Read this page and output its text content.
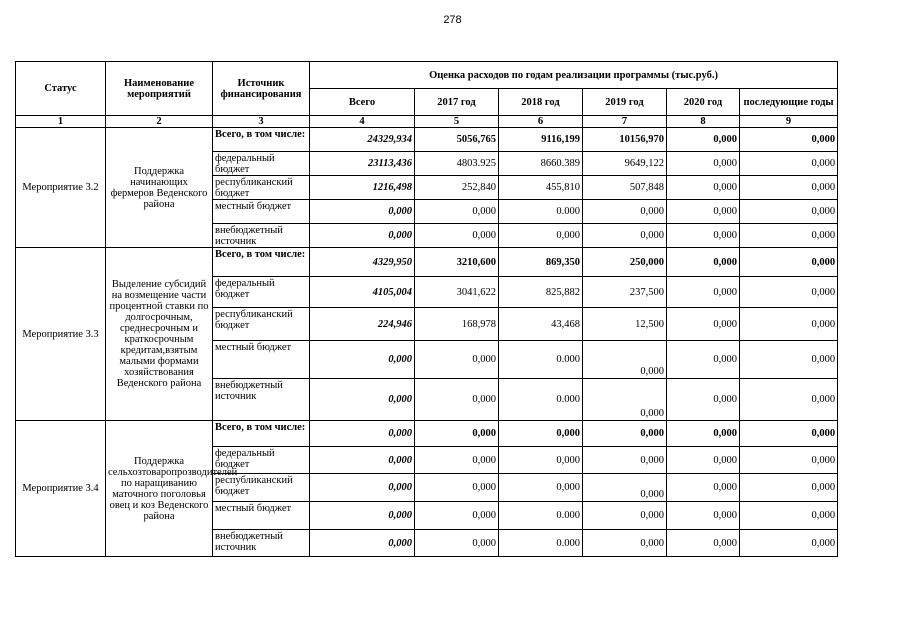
278
Статус	Наименование мероприятий	Источник финансирования	Оценка расходов по годам реализации программы (тыс.руб.)					
			Всего	2017 год	2018 год	2019 год	2020 год	последующие годы
1	2	3	4	5	6	7	8	9
Мероприятие 3.2	Поддержка начинающих фермеров Веденского района	Всего, в том числе:	24329,934	5056,765	9116,199	10156,970	0,000	0,000
		федеральный бюджет	23113,436	4803.925	8660.389	9649,122	0,000	0,000
		республиканский бюджет	1216,498	252,840	455,810	507,848	0,000	0,000
		местный бюджет	0,000	0,000	0.000	0,000	0,000	0,000
		внебюджетный источник	0,000	0,000	0,000	0,000	0,000	0,000
Мероприятие 3.3	Выделение субсидий на возмещение части процентной ставки по долгосрочным, среднесрочным и краткосрочным кредитам,взятым малыми формами хозяйствования Веденского района	Всего, в том числе:	4329,950	3210,600	869,350	250,000	0,000	0,000
		федеральный бюджет	4105,004	3041,622	825,882	237,500	0,000	0,000
		республиканский бюджет	224,946	168,978	43,468	12,500	0,000	0,000
		местный бюджет	0,000	0,000	0.000	0,000	0,000	0,000
		внебюджетный источник	0,000	0,000	0.000	0,000	0,000	0,000
Мероприятие 3.4	Поддержка сельхозтоваропрозводителей по наращиванию маточного поголовья овец и коз Веденского района	Всего, в том числе:	0,000	0,000	0,000	0,000	0,000	0,000
		федеральный бюджет	0,000	0,000	0,000	0,000	0,000	0,000
		республиканский бюджет	0,000	0,000	0,000	0,000	0,000	0,000
		местный бюджет	0,000	0,000	0.000	0,000	0,000	0,000
		внебюджетный источник	0,000	0,000	0.000	0,000	0,000	0,000
